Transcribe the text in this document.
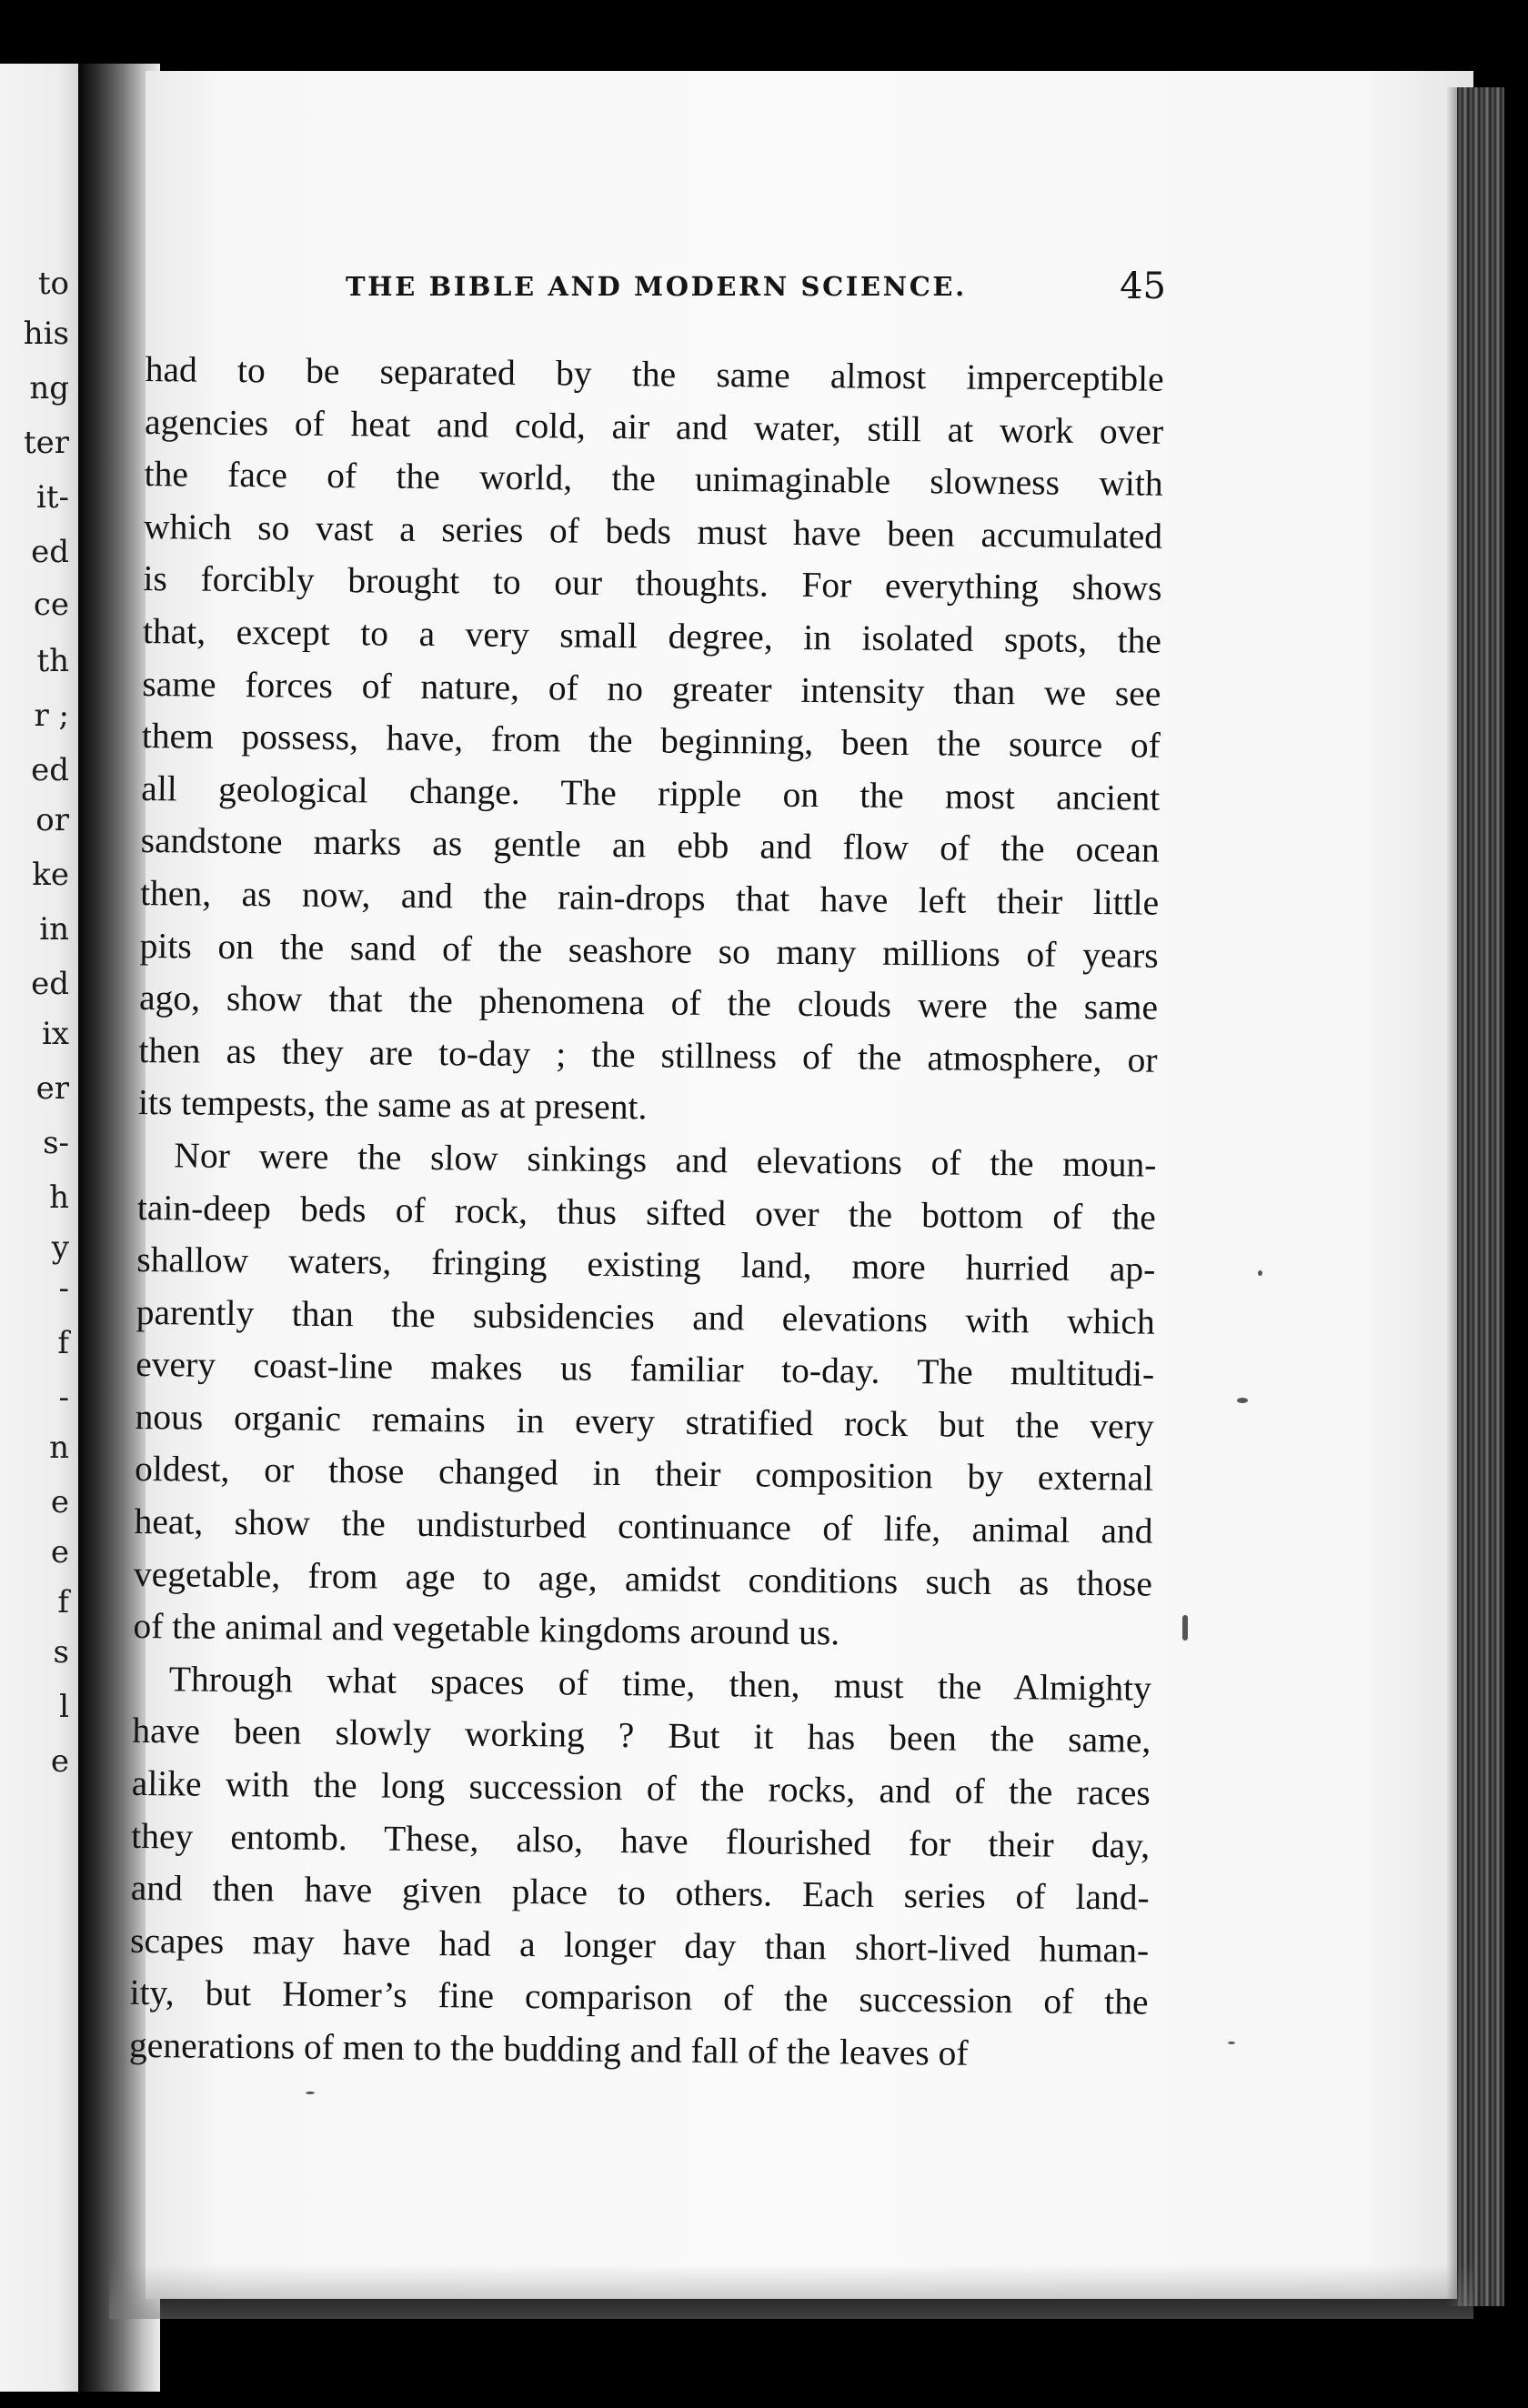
to
his
ng
ter
it-
ed
ce
th
r ;
ed
or
ke
in
ed
ix
er
s-
h
y
-
f
-
n
e
e
f
s
l
e
THE BIBLE AND MODERN SCIENCE.	45
had to be separated by the same almost imperceptible
agencies of heat and cold, air and water, still at work over
the face of the world, the unimaginable slowness with
which so vast a series of beds must have been accumulated
is forcibly brought to our thoughts. For everything shows
that, except to a very small degree, in isolated spots, the
same forces of nature, of no greater intensity than we see
them possess, have, from the beginning, been the source of
all geological change. The ripple on the most ancient
sandstone marks as gentle an ebb and flow of the ocean
then, as now, and the rain-drops that have left their little
pits on the sand of the seashore so many millions of years
ago, show that the phenomena of the clouds were the same
then as they are to-day ; the stillness of the atmosphere, or
its tempests, the same as at present.
Nor were the slow sinkings and elevations of the moun-
tain-deep beds of rock, thus sifted over the bottom of the
shallow waters, fringing existing land, more hurried ap-
parently than the subsidencies and elevations with which
every coast-line makes us familiar to-day. The multitudi-
nous organic remains in every stratified rock but the very
oldest, or those changed in their composition by external
heat, show the undisturbed continuance of life, animal and
vegetable, from age to age, amidst conditions such as those
of the animal and vegetable kingdoms around us.
Through what spaces of time, then, must the Almighty
have been slowly working ? But it has been the same,
alike with the long succession of the rocks, and of the races
they entomb. These, also, have flourished for their day,
and then have given place to others. Each series of land-
scapes may have had a longer day than short-lived human-
ity, but Homer’s fine comparison of the succession of the
generations of men to the budding and fall of the leaves of
